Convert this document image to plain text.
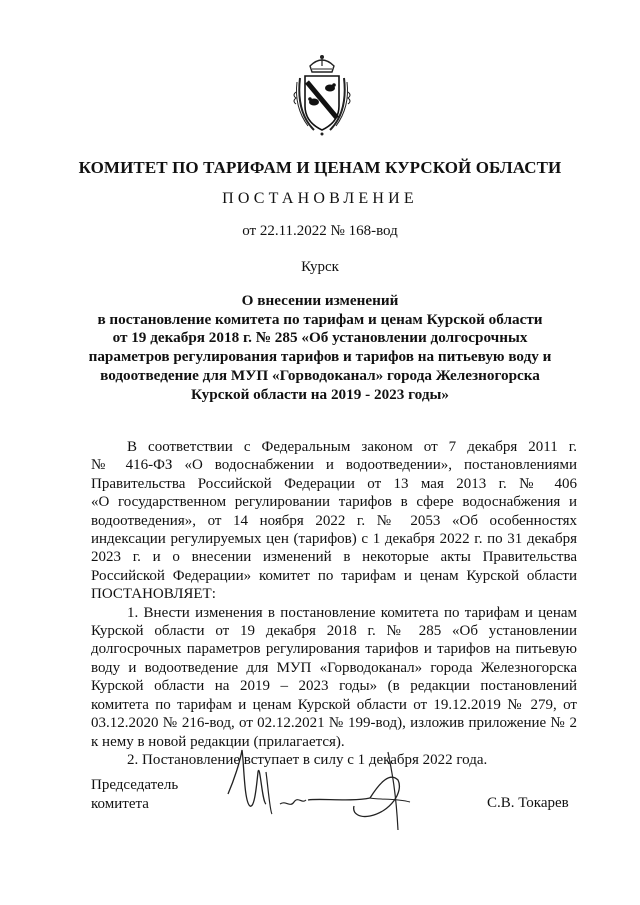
КОМИТЕТ ПО ТАРИФАМ И ЦЕНАМ КУРСКОЙ ОБЛАСТИ
ПОСТАНОВЛЕНИЕ
от 22.11.2022 № 168-вод
Курск
О внесении изменений
в постановление комитета по тарифам и ценам Курской области
от 19 декабря 2018 г. № 285 «Об установлении долгосрочных
параметров регулирования тарифов и тарифов на питьевую воду и
водоотведение для МУП «Горводоканал» города Железногорска
Курской области на 2019 - 2023 годы»
В соответствии с Федеральным законом от 7 декабря 2011 г.
№ 416-ФЗ «О водоснабжении и водоотведении», постановлениями
Правительства Российской Федерации от 13 мая 2013 г. № 406
«О государственном регулировании тарифов в сфере водоснабжения и
водоотведения», от 14 ноября 2022 г. № 2053 «Об особенностях
индексации регулируемых цен (тарифов) с 1 декабря 2022 г. по 31 декабря
2023 г. и о внесении изменений в некоторые акты Правительства
Российской Федерации» комитет по тарифам и ценам Курской области
ПОСТАНОВЛЯЕТ:
1. Внести изменения в постановление комитета по тарифам и ценам
Курской области от 19 декабря 2018 г. № 285 «Об установлении
долгосрочных параметров регулирования тарифов и тарифов на питьевую
воду и водоотведение для МУП «Горводоканал» города Железногорска
Курской области на 2019 – 2023 годы» (в редакции постановлений
комитета по тарифам и ценам Курской области от 19.12.2019 № 279, от
03.12.2020 № 216-вод, от 02.12.2021 № 199-вод), изложив приложение № 2
к нему в новой редакции (прилагается).
2. Постановление вступает в силу с 1 декабря 2022 года.
Председатель
комитета	С.В. Токарев
